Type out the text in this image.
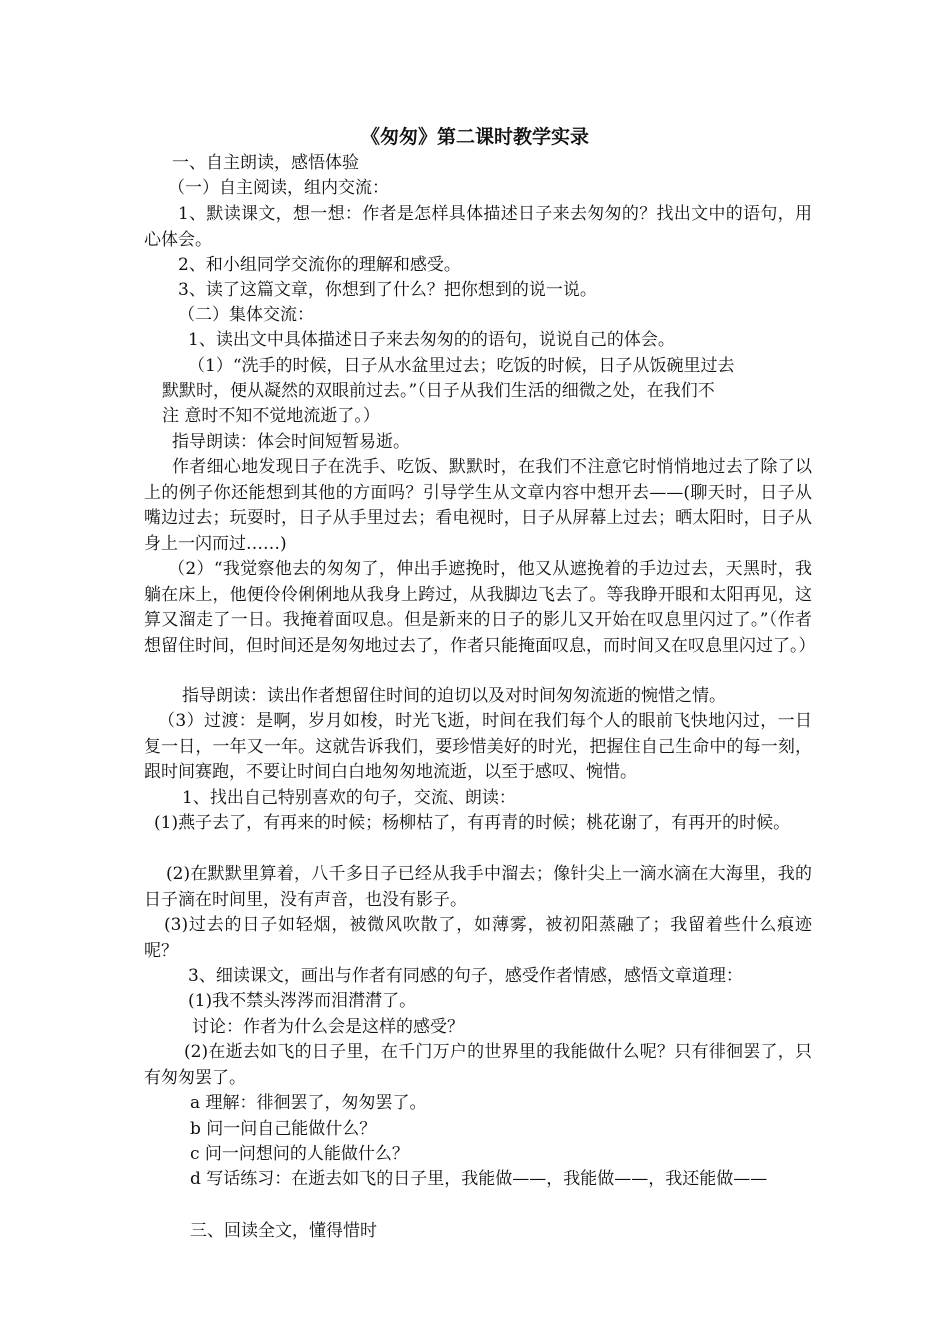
《匆匆》第二课时教学实录
一、自主朗读，感悟体验
（一）自主阅读，组内交流：
1、默读课文，想一想：作者是怎样具体描述日子来去匆匆的？找出文中的语句，用心体会。
2、和小组同学交流你的理解和感受。
3、读了这篇文章，你想到了什么？把你想到的说一说。
（二）集体交流：
1、读出文中具体描述日子来去匆匆的的语句，说说自己的体会。
（1）“洗手的时候，日子从水盆里过去；吃饭的时候，日子从饭碗里过去
默默时，便从凝然的双眼前过去。”（日子从我们生活的细微之处，在我们不
注 意时不知不觉地流逝了。）
指导朗读：体会时间短暂易逝。
作者细心地发现日子在洗手、吃饭、默默时，在我们不注意它时悄悄地过去了除了以上的例子你还能想到其他的方面吗？引导学生从文章内容中想开去——(聊天时，日子从嘴边过去；玩耍时，日子从手里过去；看电视时，日子从屏幕上过去；晒太阳时，日子从身上一闪而过……)
（2）“我觉察他去的匆匆了，伸出手遮挽时，他又从遮挽着的手边过去，天黑时，我躺在床上，他便伶伶俐俐地从我身上跨过，从我脚边飞去了。等我睁开眼和太阳再见，这算又溜走了一日。我掩着面叹息。但是新来的日子的影儿又开始在叹息里闪过了。”（作者想留住时间，但时间还是匆匆地过去了，作者只能掩面叹息，而时间又在叹息里闪过了。）
指导朗读：读出作者想留住时间的迫切以及对时间匆匆流逝的惋惜之情。
（3）过渡：是啊，岁月如梭，时光飞逝，时间在我们每个人的眼前飞快地闪过，一日复一日，一年又一年。这就告诉我们，要珍惜美好的时光，把握住自己生命中的每一刻，跟时间赛跑，不要让时间白白地匆匆地流逝，以至于感叹、惋惜。
1、找出自己特别喜欢的句子，交流、朗读：
(1)燕子去了，有再来的时候；杨柳枯了，有再青的时候；桃花谢了，有再开的时候。
(2)在默默里算着，八千多日子已经从我手中溜去；像针尖上一滴水滴在大海里，我的日子滴在时间里，没有声音，也没有影子。
(3)过去的日子如轻烟，被微风吹散了，如薄雾，被初阳蒸融了；我留着些什么痕迹呢？
3、细读课文，画出与作者有同感的句子，感受作者情感，感悟文章道理：
(1)我不禁头涔涔而泪潸潸了。
讨论：作者为什么会是这样的感受？
(2)在逝去如飞的日子里，在千门万户的世界里的我能做什么呢？只有徘徊罢了，只有匆匆罢了。
a 理解：徘徊罢了，匆匆罢了。
b 问一问自己能做什么？
c 问一问想问的人能做什么？
d 写话练习：在逝去如飞的日子里，我能做——，我能做——，我还能做——
三、回读全文，懂得惜时
